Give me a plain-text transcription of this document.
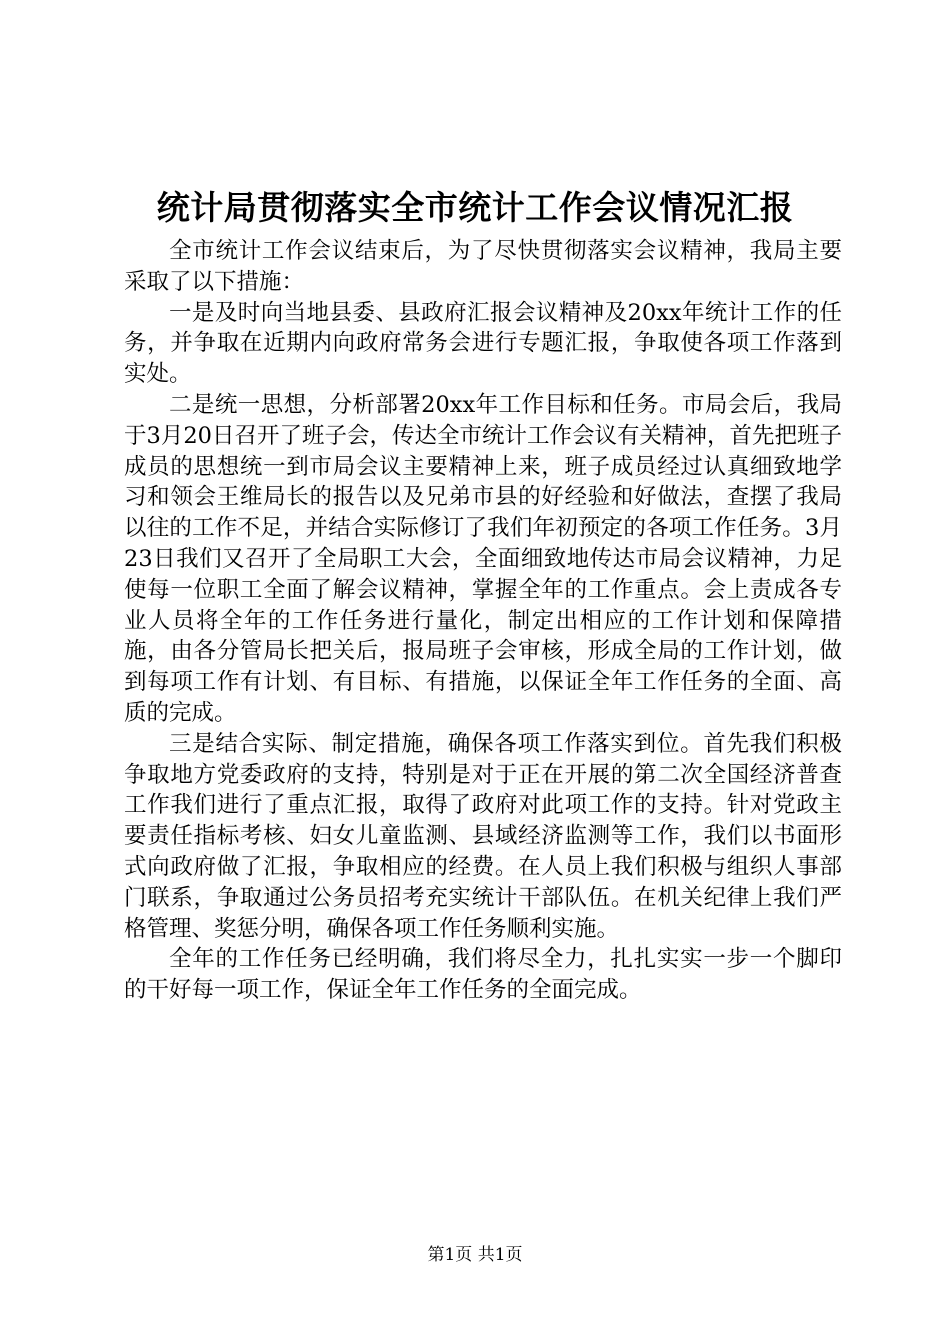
统计局贯彻落实全市统计工作会议情况汇报

全市统计工作会议结束后，为了尽快贯彻落实会议精神，我局主要采取了以下措施：

一是及时向当地县委、县政府汇报会议精神及20xx年统计工作的任务，并争取在近期内向政府常务会进行专题汇报，争取使各项工作落到实处。

二是统一思想，分析部署20xx年工作目标和任务。市局会后，我局于3月20日召开了班子会，传达全市统计工作会议有关精神，首先把班子成员的思想统一到市局会议主要精神上来，班子成员经过认真细致地学习和领会王维局长的报告以及兄弟市县的好经验和好做法，查摆了我局以往的工作不足，并结合实际修订了我们年初预定的各项工作任务。3月23日我们又召开了全局职工大会，全面细致地传达市局会议精神，力足使每一位职工全面了解会议精神，掌握全年的工作重点。会上责成各专业人员将全年的工作任务进行量化，制定出相应的工作计划和保障措施，由各分管局长把关后，报局班子会审核，形成全局的工作计划，做到每项工作有计划、有目标、有措施，以保证全年工作任务的全面、高质的完成。

三是结合实际、制定措施，确保各项工作落实到位。首先我们积极争取地方党委政府的支持，特别是对于正在开展的第二次全国经济普查工作我们进行了重点汇报，取得了政府对此项工作的支持。针对党政主要责任指标考核、妇女儿童监测、县域经济监测等工作，我们以书面形式向政府做了汇报，争取相应的经费。在人员上我们积极与组织人事部门联系，争取通过公务员招考充实统计干部队伍。在机关纪律上我们严格管理、奖惩分明，确保各项工作任务顺利实施。

全年的工作任务已经明确，我们将尽全力，扎扎实实一步一个脚印的干好每一项工作，保证全年工作任务的全面完成。

第1页 共1页
